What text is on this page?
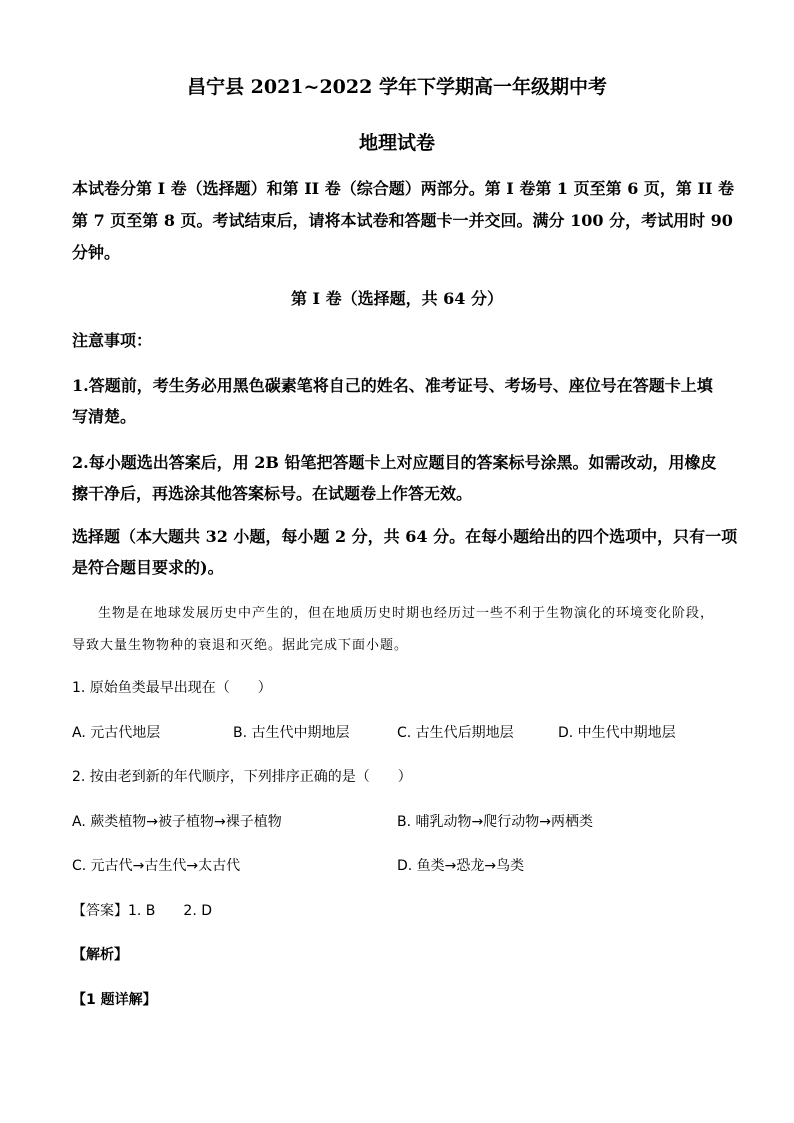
昌宁县 2021~2022 学年下学期高一年级期中考
地理试卷
本试卷分第 I 卷（选择题）和第 II 卷（综合题）两部分。第 I 卷第 1 页至第 6 页，第 II 卷
第 7 页至第 8 页。考试结束后，请将本试卷和答题卡一并交回。满分 100 分，考试用时 90
分钟。
第 I 卷（选择题，共 64 分）
注意事项：
1.答题前，考生务必用黑色碳素笔将自己的姓名、准考证号、考场号、座位号在答题卡上填
写清楚。
2.每小题选出答案后，用 2B 铅笔把答题卡上对应题目的答案标号涂黑。如需改动，用橡皮
擦干净后，再选涂其他答案标号。在试题卷上作答无效。
选择题（本大题共 32 小题，每小题 2 分，共 64 分。在每小题给出的四个选项中，只有一项
是符合题目要求的)。
生物是在地球发展历史中产生的，但在地质历史时期也经历过一些不利于生物演化的环境变化阶段，
导致大量生物物种的衰退和灭绝。据此完成下面小题。
1. 原始鱼类最早出现在（　　）
A. 元古代地层	B. 古生代中期地层	C. 古生代后期地层	D. 中生代中期地层
2. 按由老到新的年代顺序，下列排序正确的是（　　）
A. 蕨类植物→被子植物→裸子植物	B. 哺乳动物→爬行动物→两栖类
C. 元古代→古生代→太古代	D. 鱼类→恐龙→鸟类
【答案】1. B　　2. D
【解析】
【1 题详解】
